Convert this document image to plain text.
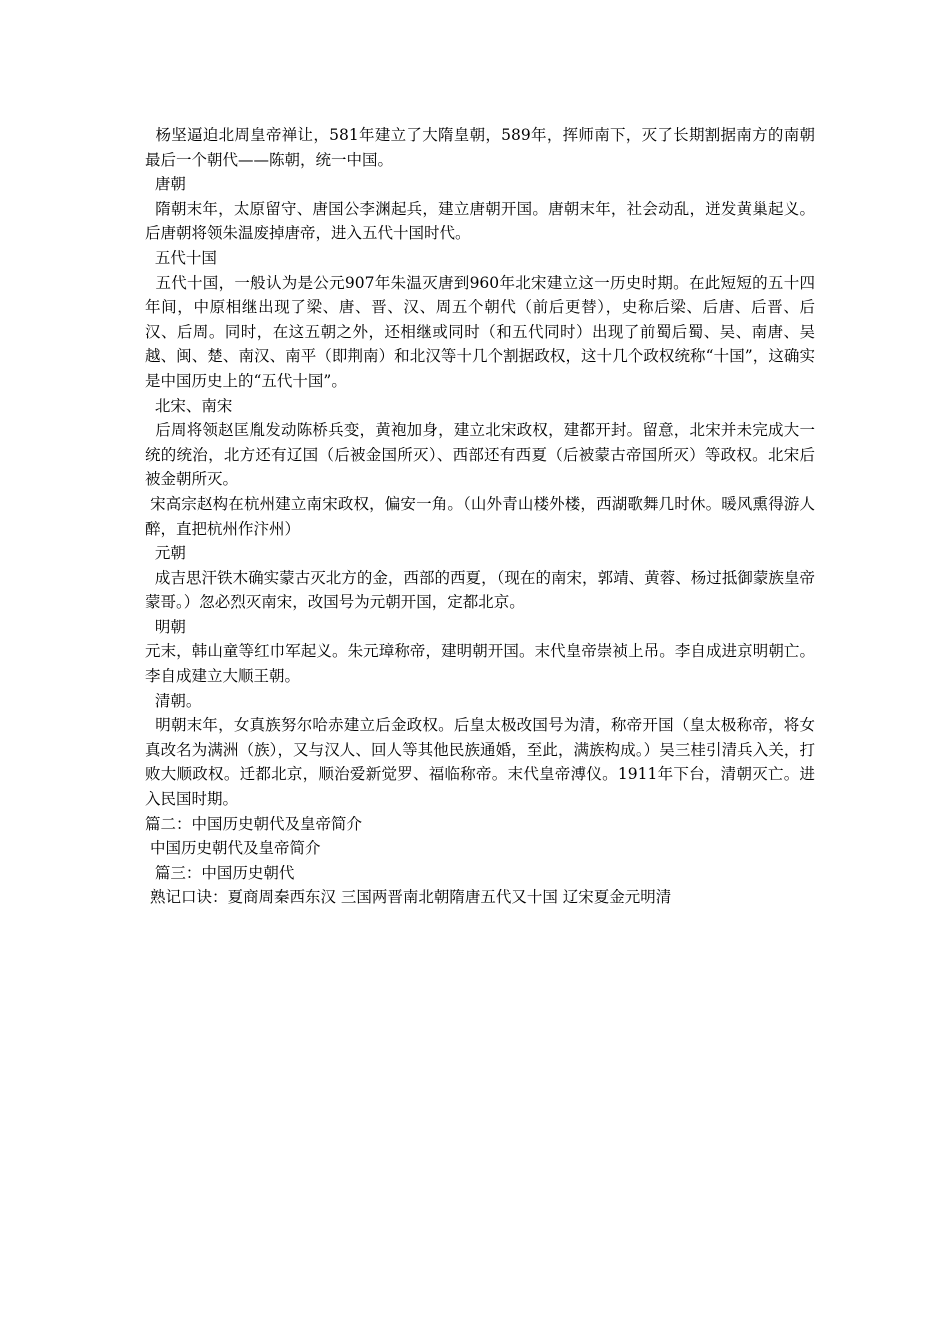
杨坚逼迫北周皇帝禅让，581年建立了大隋皇朝，589年，挥师南下，灭了长期割据南方的南朝最后一个朝代——陈朝，统一中国。

唐朝

隋朝末年，太原留守、唐国公李渊起兵，建立唐朝开国。唐朝末年，社会动乱，迸发黄巢起义。后唐朝将领朱温废掉唐帝，进入五代十国时代。

五代十国

五代十国，一般认为是公元907年朱温灭唐到960年北宋建立这一历史时期。在此短短的五十四年间，中原相继出现了梁、唐、晋、汉、周五个朝代（前后更替），史称后梁、后唐、后晋、后汉、后周。同时，在这五朝之外，还相继或同时（和五代同时）出现了前蜀后蜀、吴、南唐、吴越、闽、楚、南汉、南平（即荆南）和北汉等十几个割据政权，这十几个政权统称“十国”，这确实是中国历史上的“五代十国”。

北宋、南宋

后周将领赵匡胤发动陈桥兵变，黄袍加身，建立北宋政权，建都开封。留意，北宋并未完成大一统的统治，北方还有辽国（后被金国所灭）、西部还有西夏（后被蒙古帝国所灭）等政权。北宋后被金朝所灭。

宋高宗赵构在杭州建立南宋政权，偏安一角。（山外青山楼外楼，西湖歌舞几时休。暖风熏得游人醉，直把杭州作汴州）

元朝

成吉思汗铁木确实蒙古灭北方的金，西部的西夏，（现在的南宋，郭靖、黄蓉、杨过抵御蒙族皇帝蒙哥。）忽必烈灭南宋，改国号为元朝开国，定都北京。

明朝

元末，韩山童等红巾军起义。朱元璋称帝，建明朝开国。末代皇帝崇祯上吊。李自成进京明朝亡。李自成建立大顺王朝。

清朝。

明朝末年，女真族努尔哈赤建立后金政权。后皇太极改国号为清，称帝开国（皇太极称帝，将女真改名为满洲（族），又与汉人、回人等其他民族通婚，至此，满族构成。）吴三桂引清兵入关，打败大顺政权。迁都北京，顺治爱新觉罗、福临称帝。末代皇帝溥仪。1911年下台，清朝灭亡。进入民国时期。

篇二：中国历史朝代及皇帝简介

中国历史朝代及皇帝简介

篇三：中国历史朝代

熟记口诀：夏商周秦西东汉 三国两晋南北朝隋唐五代又十国 辽宋夏金元明清
